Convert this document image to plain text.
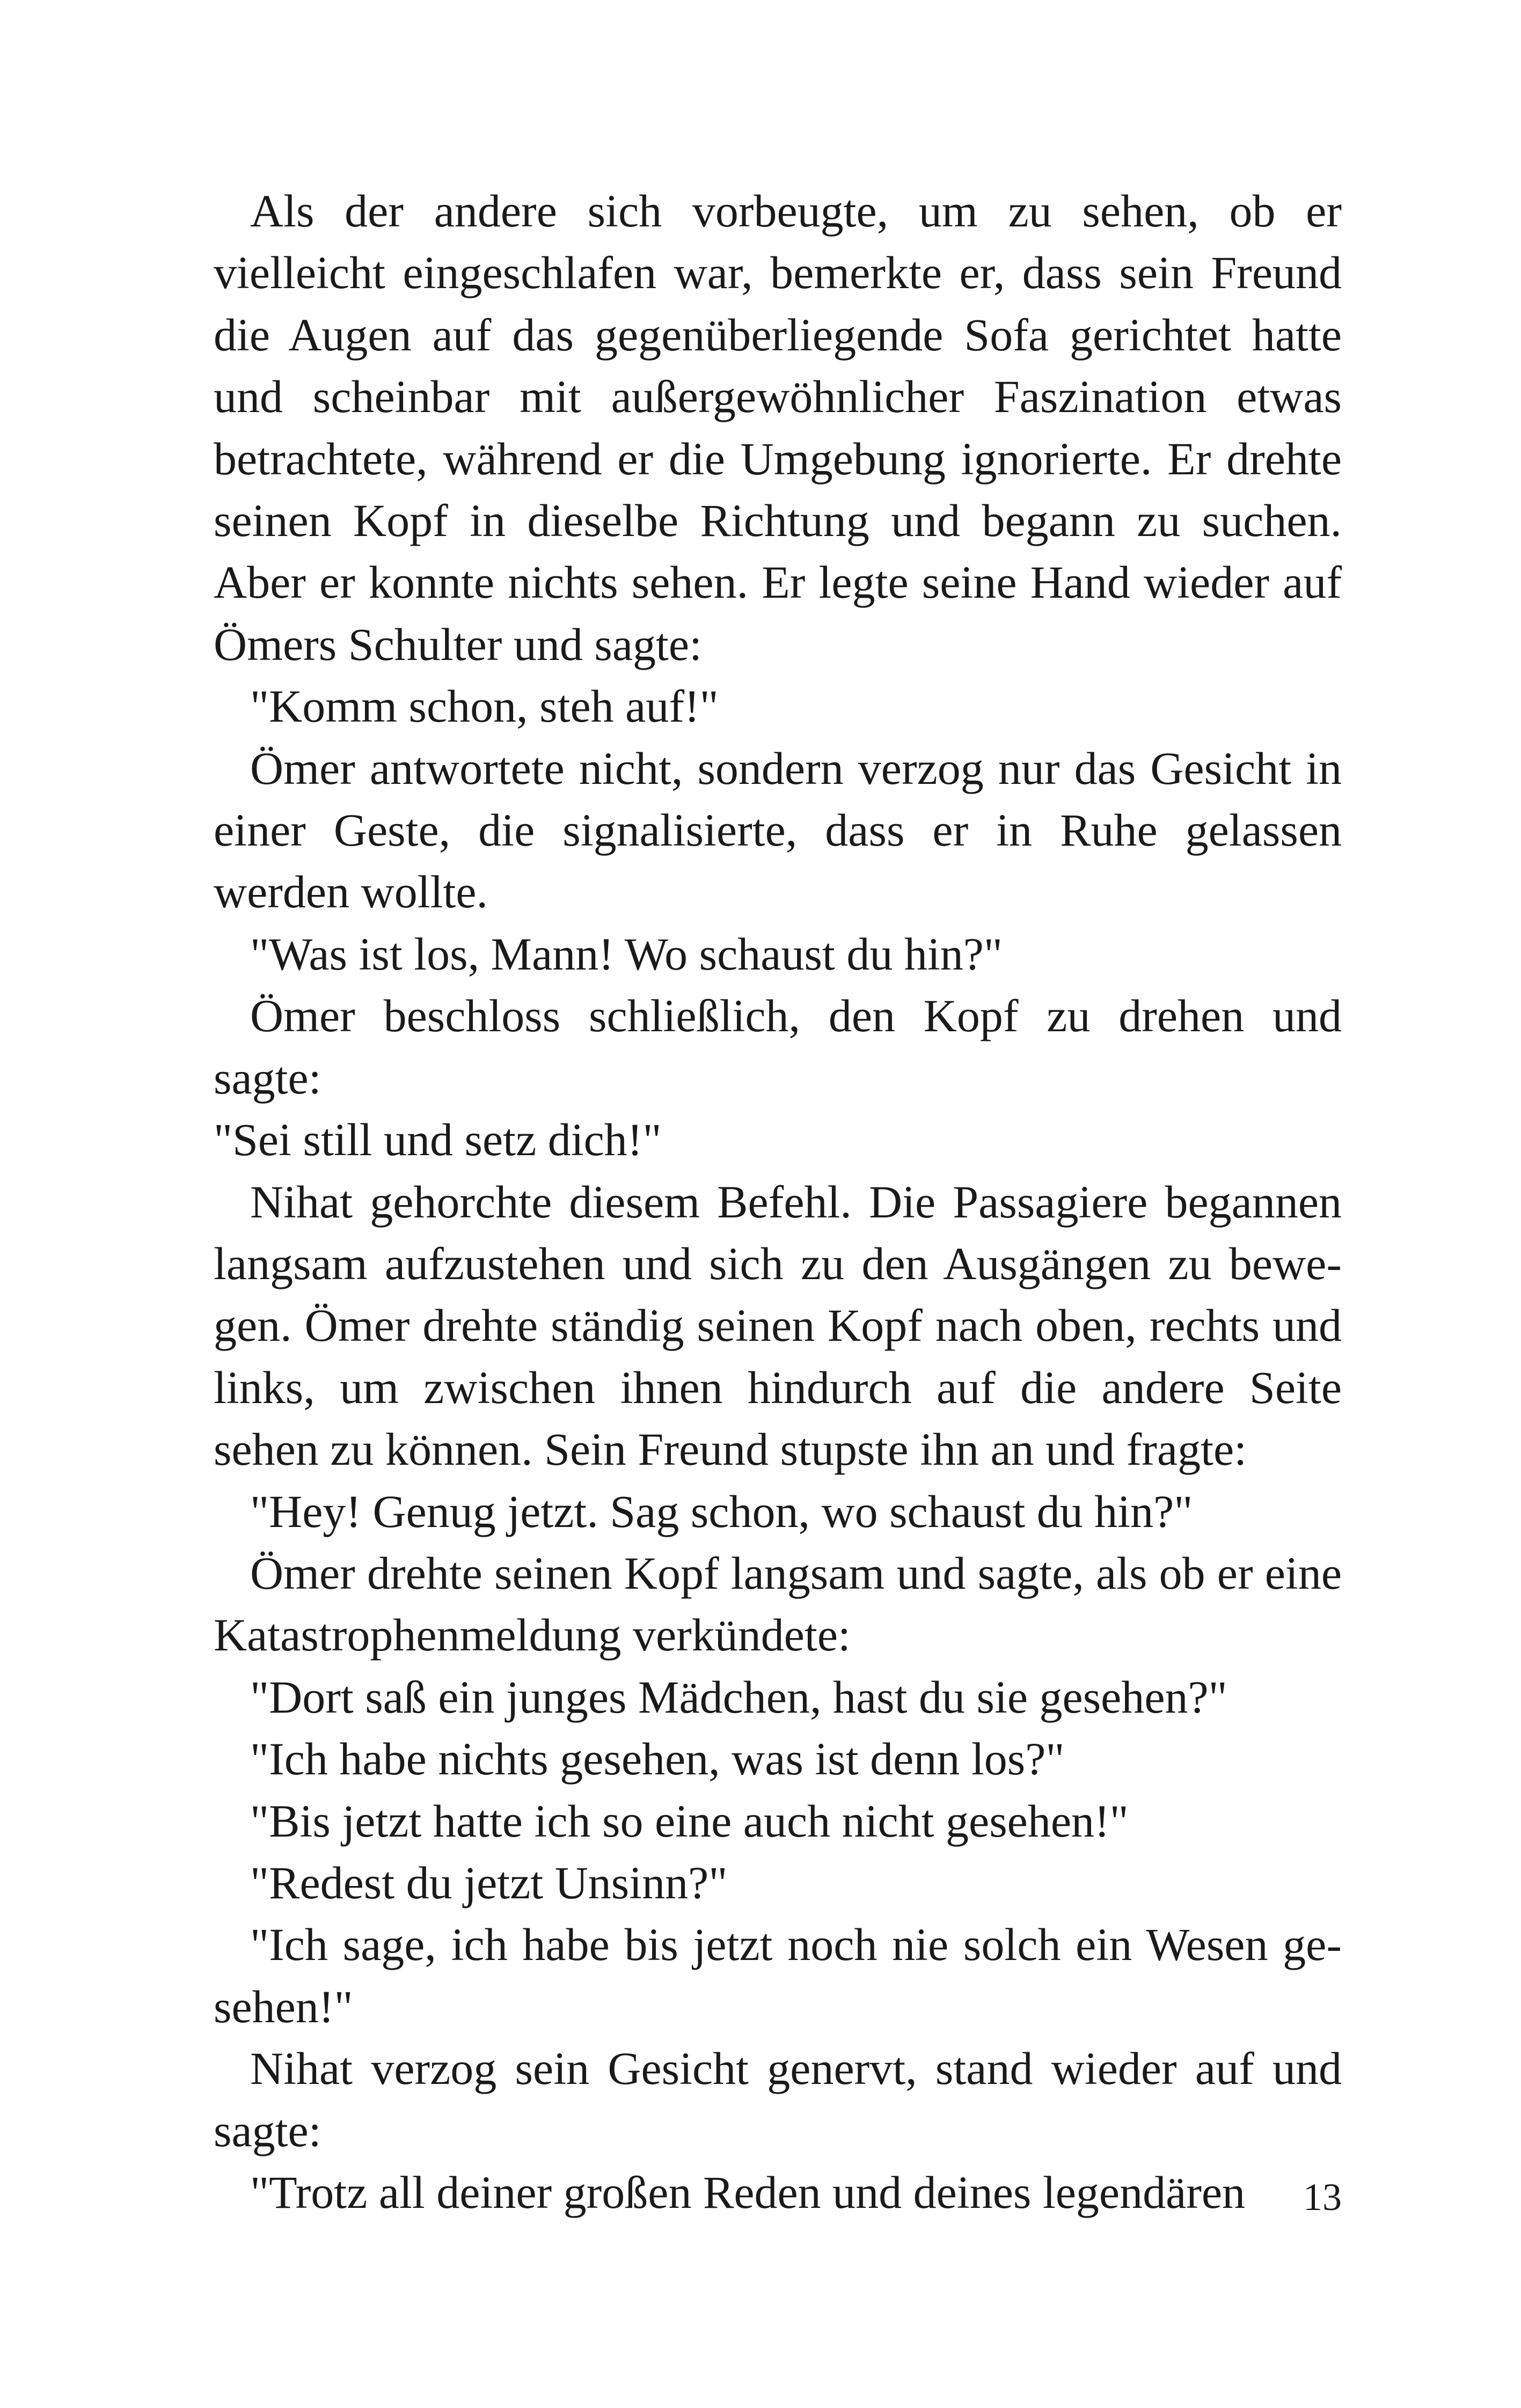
Als der andere sich vorbeugte, um zu sehen, ob er vielleicht eingeschlafen war, bemerkte er, dass sein Freund die Augen auf das gegenüberliegende Sofa gerichtet hatte und scheinbar mit außergewöhnlicher Faszination etwas betrachtete, während er die Umgebung ignorierte. Er drehte seinen Kopf in dieselbe Richtung und begann zu suchen. Aber er konnte nichts sehen. Er legte seine Hand wieder auf Ömers Schulter und sagte:

"Komm schon, steh auf!"

Ömer antwortete nicht, sondern verzog nur das Gesicht in einer Geste, die signalisierte, dass er in Ruhe gelassen werden wollte.

"Was ist los, Mann! Wo schaust du hin?"

Ömer beschloss schließlich, den Kopf zu drehen und sagte:

"Sei still und setz dich!"

Nihat gehorchte diesem Befehl. Die Passagiere begannen langsam aufzustehen und sich zu den Ausgängen zu bewegen. Ömer drehte ständig seinen Kopf nach oben, rechts und links, um zwischen ihnen hindurch auf die andere Seite sehen zu können. Sein Freund stupste ihn an und fragte:

"Hey! Genug jetzt. Sag schon, wo schaust du hin?"

Ömer drehte seinen Kopf langsam und sagte, als ob er eine Katastrophenmeldung verkündete:

"Dort saß ein junges Mädchen, hast du sie gesehen?"

"Ich habe nichts gesehen, was ist denn los?"

"Bis jetzt hatte ich so eine auch nicht gesehen!"

"Redest du jetzt Unsinn?"

"Ich sage, ich habe bis jetzt noch nie solch ein Wesen gesehen!"

Nihat verzog sein Gesicht genervt, stand wieder auf und sagte:

"Trotz all deiner großen Reden und deines legendären	13
